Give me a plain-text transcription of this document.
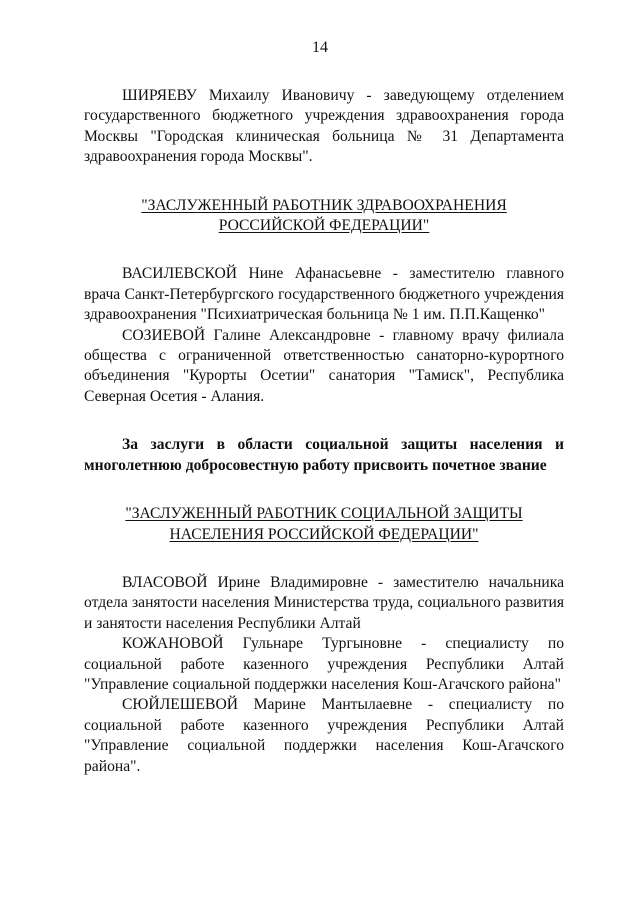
14

ШИРЯЕВУ Михаилу Ивановичу - заведующему отделением государственного бюджетного учреждения здравоохранения города Москвы "Городская клиническая больница № 31 Департамента здравоохранения города Москвы".

"ЗАСЛУЖЕННЫЙ РАБОТНИК ЗДРАВООХРАНЕНИЯ

РОССИЙСКОЙ ФЕДЕРАЦИИ"

ВАСИЛЕВСКОЙ Нине Афанасьевне - заместителю главного врача Санкт-Петербургского государственного бюджетного учреждения здравоохранения "Психиатрическая больница № 1 им. П.П.Кащенко"

СОЗИЕВОЙ Галине Александровне - главному врачу филиала общества с ограниченной ответственностью санаторно-курортного объединения "Курорты Осетии" санатория "Тамиск", Республика Северная Осетия - Алания.

За заслуги в области социальной защиты населения и многолетнюю добросовестную работу присвоить почетное звание

"ЗАСЛУЖЕННЫЙ РАБОТНИК СОЦИАЛЬНОЙ ЗАЩИТЫ

НАСЕЛЕНИЯ РОССИЙСКОЙ ФЕДЕРАЦИИ"

ВЛАСОВОЙ Ирине Владимировне - заместителю начальника отдела занятости населения Министерства труда, социального развития и занятости населения Республики Алтай

КОЖАНОВОЙ Гульнаре Тургыновне - специалисту по социальной работе казенного учреждения Республики Алтай "Управление социальной поддержки населения Кош-Агачского района"

СЮЙЛЕШЕВОЙ Марине Мантылаевне - специалисту по социальной работе казенного учреждения Республики Алтай "Управление социальной поддержки населения Кош-Агачского района".
